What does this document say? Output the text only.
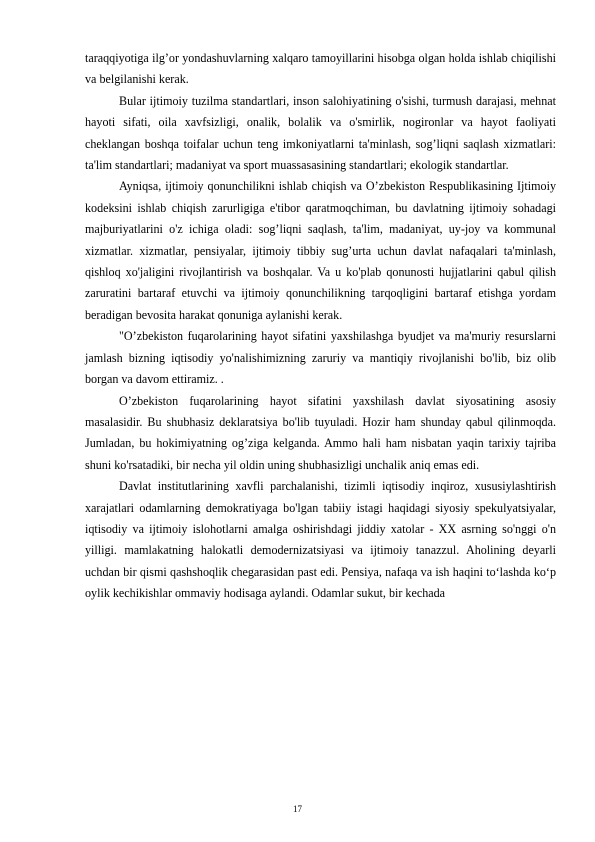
taraqqiyotiga ilg’or yondashuvlarning xalqaro tamoyillarini hisobga olgan holda ishlab chiqilishi va belgilanishi kerak.

Bular ijtimoiy tuzilma standartlari, inson salohiyatining o'sishi, turmush darajasi, mehnat hayoti sifati, oila xavfsizligi, onalik, bolalik va o'smirlik, nogironlar va hayot faoliyati cheklangan boshqa toifalar uchun teng imkoniyatlarni ta'minlash, sog’liqni saqlash xizmatlari: ta'lim standartlari; madaniyat va sport muassasasining standartlari; ekologik standartlar.

Ayniqsa, ijtimoiy qonunchilikni ishlab chiqish va O’zbekiston Respublikasining Ijtimoiy kodeksini ishlab chiqish zarurligiga e'tibor qaratmoqchiman, bu davlatning ijtimoiy sohadagi majburiyatlarini o'z ichiga oladi: sog’liqni saqlash, ta'lim, madaniyat, uy-joy va kommunal xizmatlar. xizmatlar, pensiyalar, ijtimoiy tibbiy sug’urta uchun davlat nafaqalari ta'minlash, qishloq xo'jaligini rivojlantirish va boshqalar. Va u ko'plab qonunosti hujjatlarini qabul qilish zaruratini bartaraf etuvchi va ijtimoiy qonunchilikning tarqoqligini bartaraf etishga yordam beradigan bevosita harakat qonuniga aylanishi kerak.

"O’zbekiston fuqarolarining hayot sifatini yaxshilashga byudjet va ma'muriy resurslarni jamlash bizning iqtisodiy yo'nalishimizning zaruriy va mantiqiy rivojlanishi bo'lib, biz olib borgan va davom ettiramiz. .

O’zbekiston fuqarolarining hayot sifatini yaxshilash davlat siyosatining asosiy masalasidir. Bu shubhasiz deklaratsiya bo'lib tuyuladi. Hozir ham shunday qabul qilinmoqda. Jumladan, bu hokimiyatning og’ziga kelganda. Ammo hali ham nisbatan yaqin tarixiy tajriba shuni ko'rsatadiki, bir necha yil oldin uning shubhasizligi unchalik aniq emas edi.

Davlat institutlarining xavfli parchalanishi, tizimli iqtisodiy inqiroz, xususiylashtirish xarajatlari odamlarning demokratiyaga bo'lgan tabiiy istagi haqidagi siyosiy spekulyatsiyalar, iqtisodiy va ijtimoiy islohotlarni amalga oshirishdagi jiddiy xatolar - XX asrning so'nggi o'n yilligi. mamlakatning halokatli demodernizatsiyasi va ijtimoiy tanazzul. Aholining deyarli uchdan bir qismi qashshoqlik chegarasidan past edi. Pensiya, nafaqa va ish haqini to‘lashda ko‘p oylik kechikishlar ommaviy hodisaga aylandi. Odamlar sukut, bir kechada

17
